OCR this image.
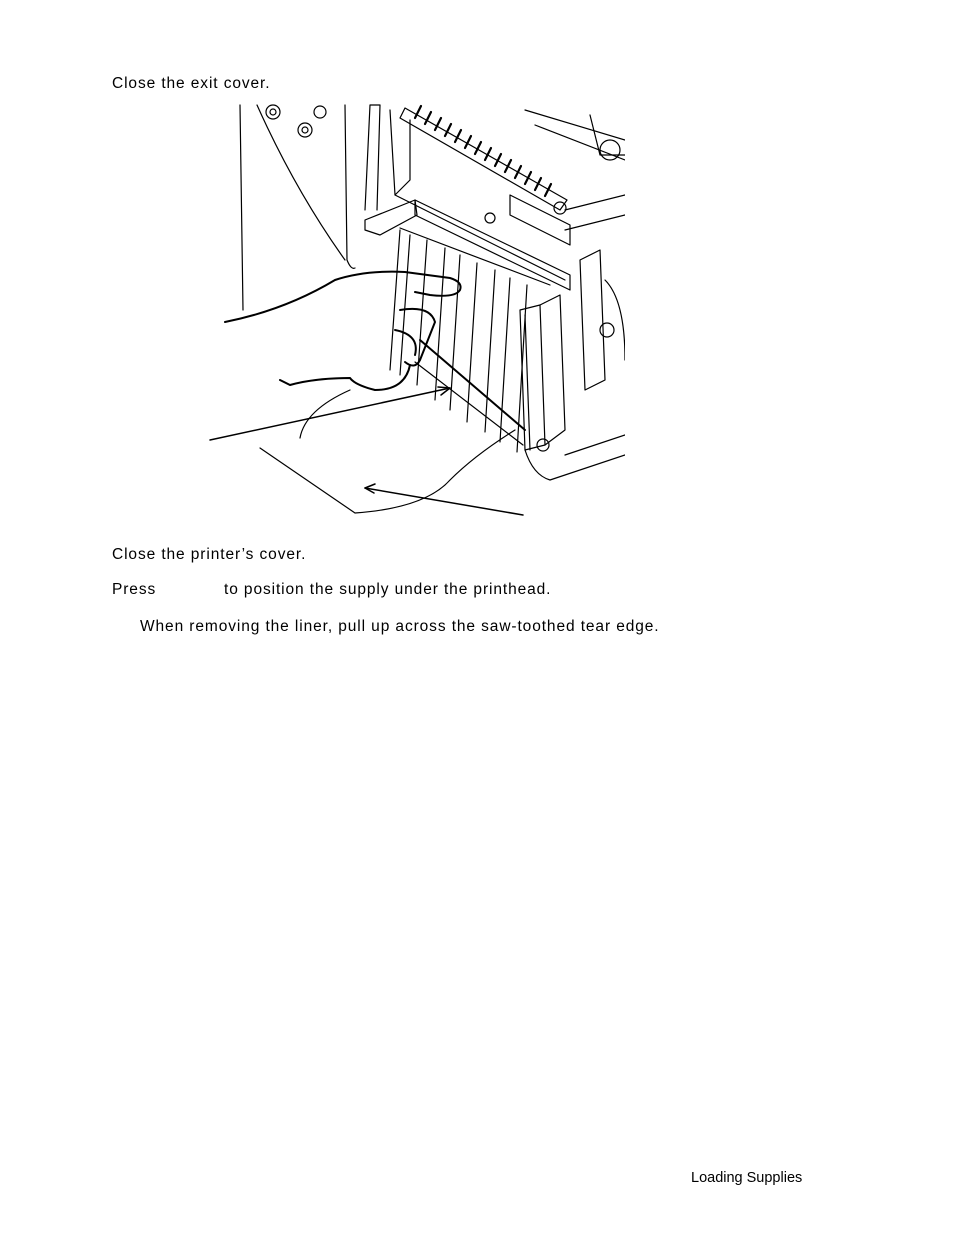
Close the exit cover.
Close the printer’s cover.
Press	to position the supply under the printhead.
When removing the liner, pull up across the saw-toothed tear edge.
Loading Supplies
